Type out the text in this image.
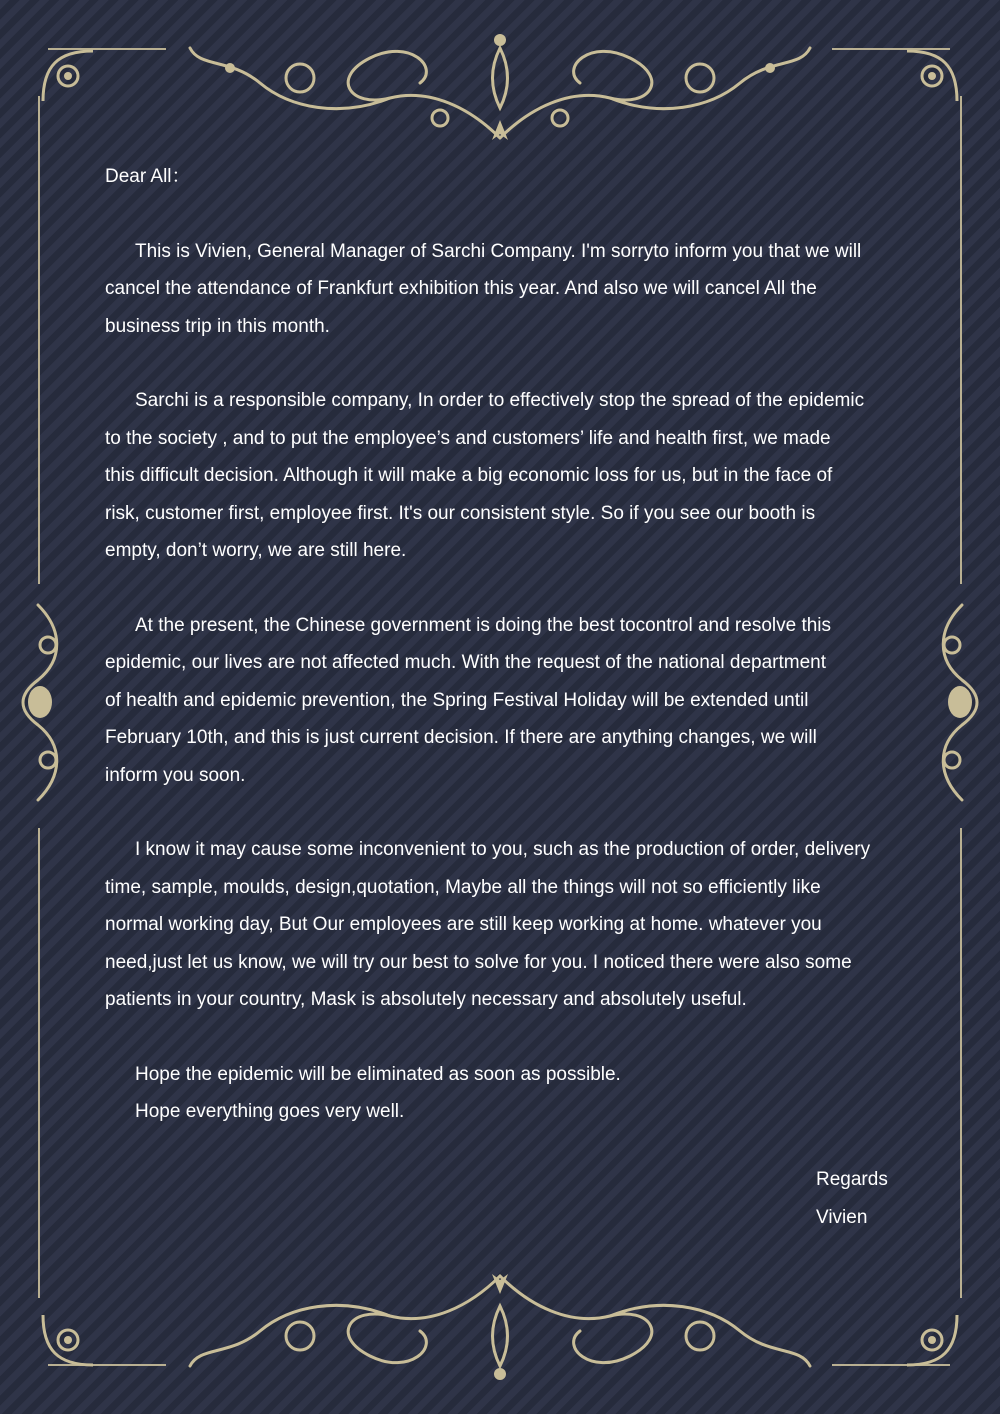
Dear All：

This is Vivien, General Manager of Sarchi Company. I'm sorryto inform you that we will

cancel the attendance of Frankfurt exhibition this year. And also we will cancel All the

business trip in this month.

Sarchi is a responsible company, In order to effectively stop the spread of the epidemic

to the society , and to put the employee’s and customers’ life and health first, we made

this difficult decision. Although it will make a big economic loss for us, but in the face of

risk, customer first, employee first. It's our consistent style. So if you see our booth is

empty, don’t worry, we are still here.

At the present, the Chinese government is doing the best tocontrol and resolve this

epidemic, our lives are not affected much. With the request of the national department

of health and epidemic prevention, the Spring Festival Holiday will be extended until

February 10th, and this is just current decision. If there are anything changes, we will

inform you soon.

I know it may cause some inconvenient to you, such as the production of order, delivery

time, sample, moulds, design,quotation, Maybe all the things will not so efficiently like

normal working day, But Our employees are still keep working at home. whatever you

need,just let us know, we will try our best to solve for you. I noticed there were also some

patients in your country, Mask is absolutely necessary and absolutely useful.

Hope the epidemic will be eliminated as soon as possible.

Hope everything goes very well.

Regards

Vivien
